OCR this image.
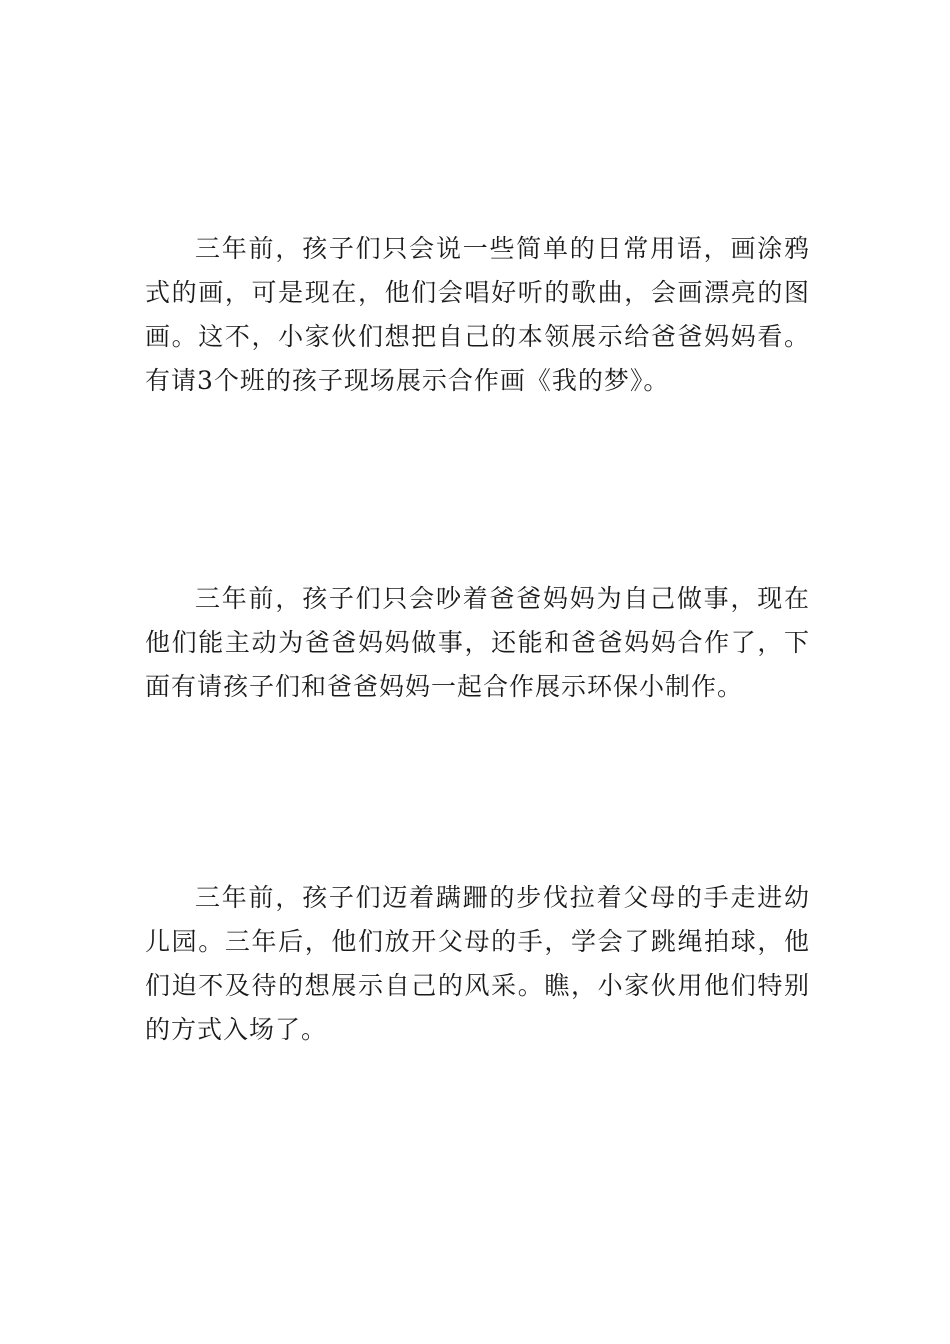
三年前，孩子们只会说一些简单的日常用语，画涂鸦式的画，可是现在，他们会唱好听的歌曲，会画漂亮的图画。这不，小家伙们想把自己的本领展示给爸爸妈妈看。有请3个班的孩子现场展示合作画《我的梦》。

三年前，孩子们只会吵着爸爸妈妈为自己做事，现在他们能主动为爸爸妈妈做事，还能和爸爸妈妈合作了，下面有请孩子们和爸爸妈妈一起合作展示环保小制作。

三年前，孩子们迈着蹒跚的步伐拉着父母的手走进幼儿园。三年后，他们放开父母的手，学会了跳绳拍球，他们迫不及待的想展示自己的风采。瞧，小家伙用他们特别的方式入场了。
